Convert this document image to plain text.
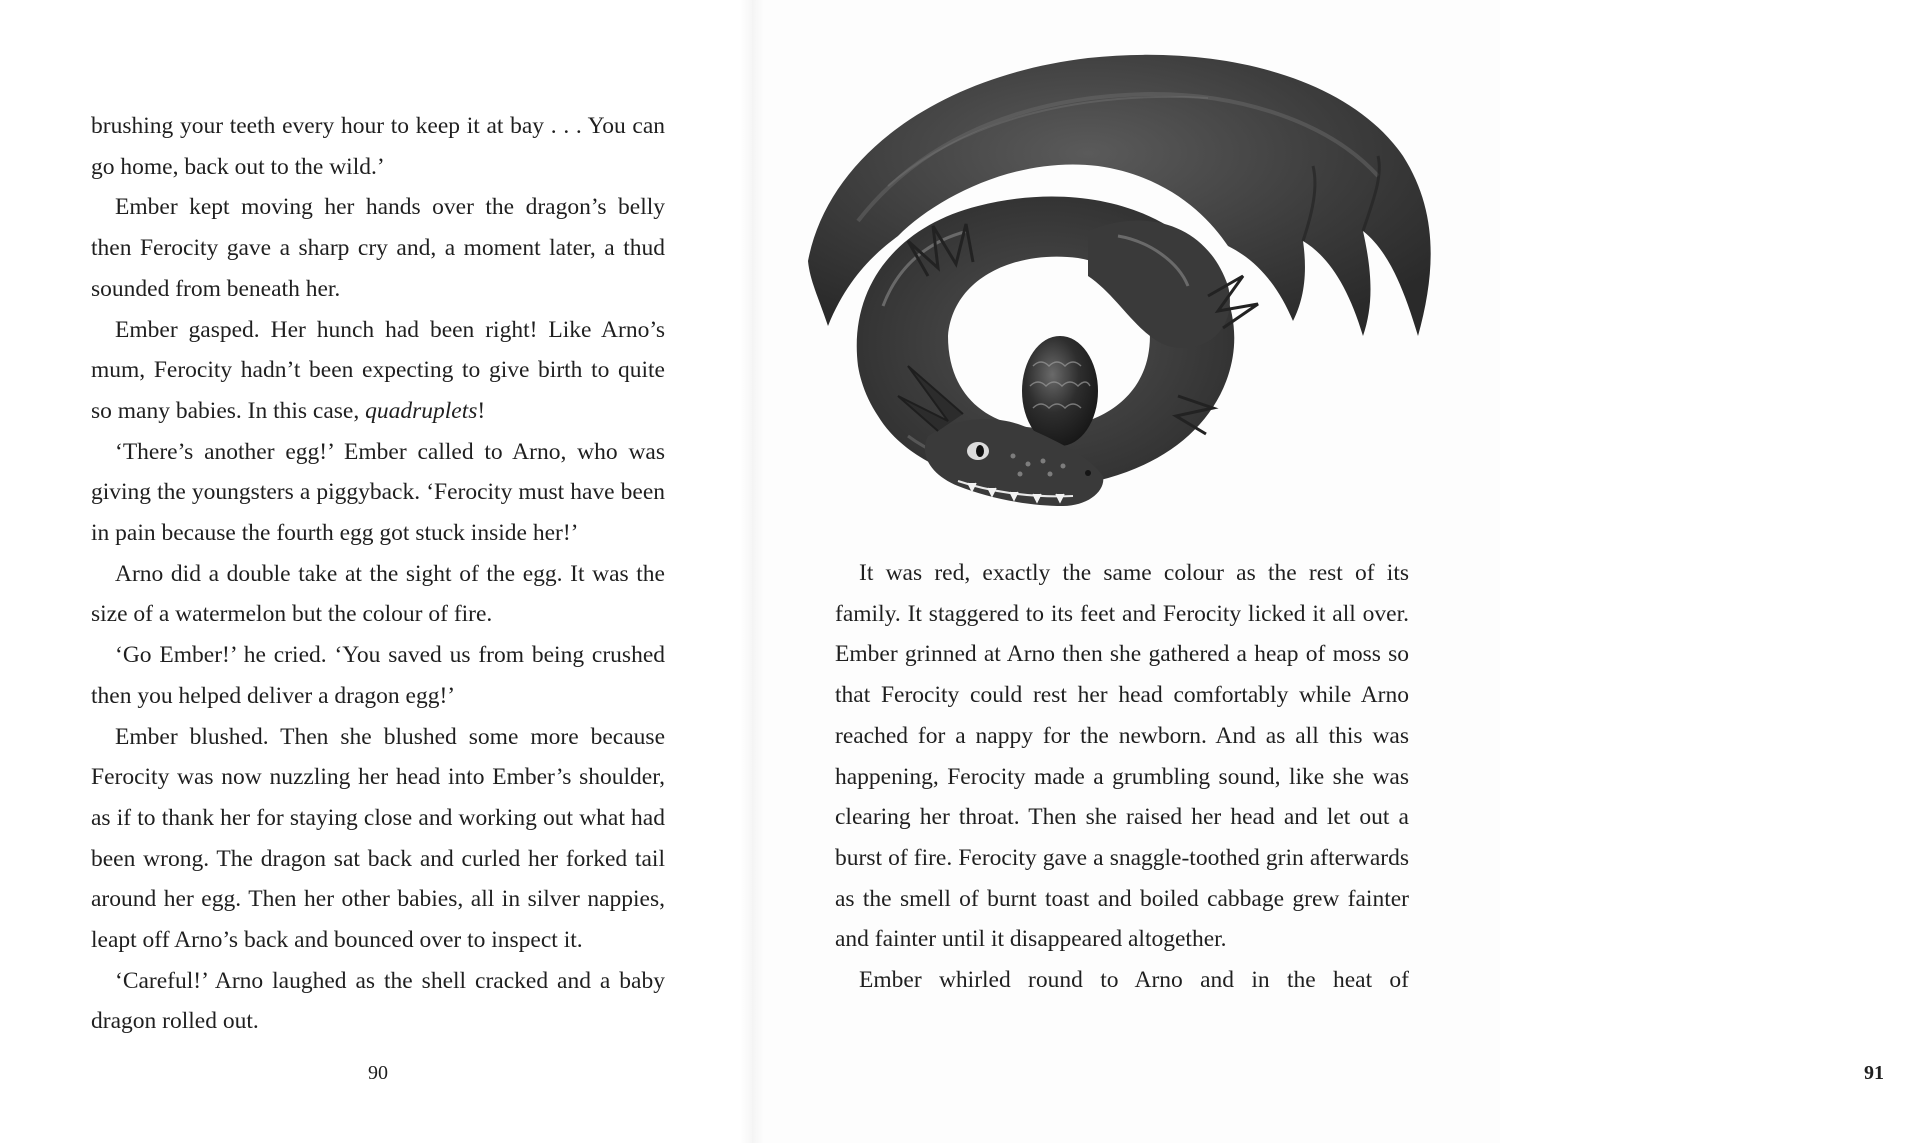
brushing your teeth every hour to keep it at bay . . . You can go home, back out to the wild.’

Ember kept moving her hands over the dragon’s belly then Ferocity gave a sharp cry and, a moment later, a thud sounded from beneath her.

Ember gasped. Her hunch had been right! Like Arno’s mum, Ferocity hadn’t been expecting to give birth to quite so many babies. In this case, quadruplets!

‘There’s another egg!’ Ember called to Arno, who was giving the youngsters a piggyback. ‘Ferocity must have been in pain because the fourth egg got stuck inside her!’

Arno did a double take at the sight of the egg. It was the size of a watermelon but the colour of fire.

‘Go Ember!’ he cried. ‘You saved us from being crushed then you helped deliver a dragon egg!’

Ember blushed. Then she blushed some more because Ferocity was now nuzzling her head into Ember’s shoulder, as if to thank her for staying close and working out what had been wrong. The dragon sat back and curled her forked tail around her egg. Then her other babies, all in silver nappies, leapt off Arno’s back and bounced over to inspect it.

‘Careful!’ Arno laughed as the shell cracked and a baby dragon rolled out.

90	91

It was red, exactly the same colour as the rest of its family. It staggered to its feet and Ferocity licked it all over. Ember grinned at Arno then she gathered a heap of moss so that Ferocity could rest her head comfortably while Arno reached for a nappy for the newborn. And as all this was happening, Ferocity made a grumbling sound, like she was clearing her throat. Then she raised her head and let out a burst of fire. Ferocity gave a snaggle-toothed grin afterwards as the smell of burnt toast and boiled cabbage grew fainter and fainter until it disappeared altogether.

Ember whirled round to Arno and in the heat of
